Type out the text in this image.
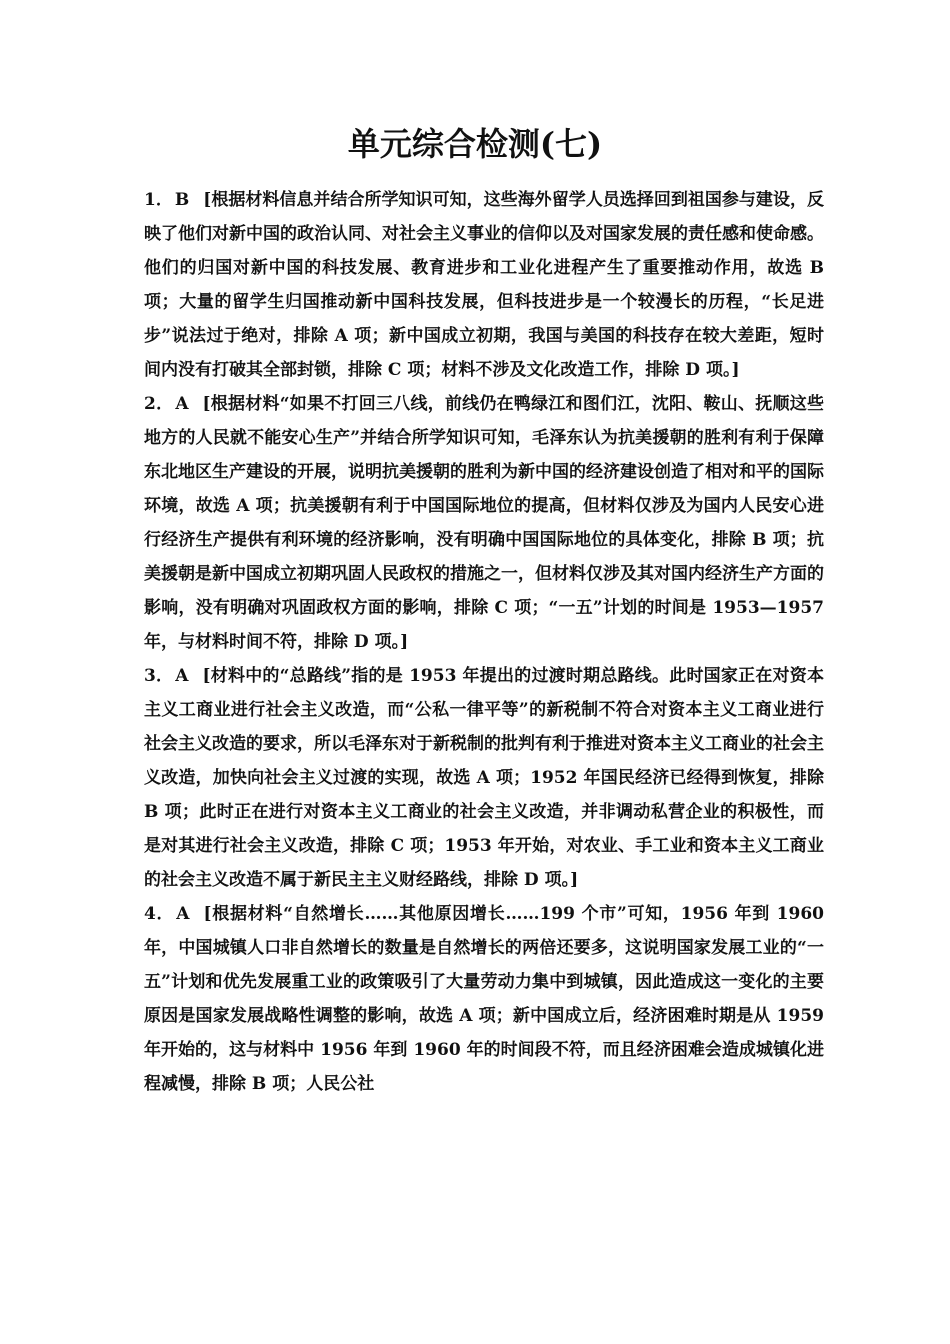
单元综合检测(七)

1． B [根据材料信息并结合所学知识可知，这些海外留学人员选择回到祖国参与建设，反映了他们对新中国的政治认同、对社会主义事业的信仰以及对国家发展的责任感和使命感。他们的归国对新中国的科技发展、教育进步和工业化进程产生了重要推动作用，故选 B 项；大量的留学生归国推动新中国科技发展，但科技进步是一个较漫长的历程，“长足进步”说法过于绝对，排除 A 项；新中国成立初期，我国与美国的科技存在较大差距，短时间内没有打破其全部封锁，排除 C 项；材料不涉及文化改造工作，排除 D 项。]

2． A [根据材料“如果不打回三八线，前线仍在鸭绿江和图们江，沈阳、鞍山、抚顺这些地方的人民就不能安心生产”并结合所学知识可知，毛泽东认为抗美援朝的胜利有利于保障东北地区生产建设的开展，说明抗美援朝的胜利为新中国的经济建设创造了相对和平的国际环境，故选 A 项；抗美援朝有利于中国国际地位的提高，但材料仅涉及为国内人民安心进行经济生产提供有利环境的经济影响，没有明确中国国际地位的具体变化，排除 B 项；抗美援朝是新中国成立初期巩固人民政权的措施之一，但材料仅涉及其对国内经济生产方面的影响，没有明确对巩固政权方面的影响，排除 C 项；“一五”计划的时间是 1953—1957 年，与材料时间不符，排除 D 项。]

3． A [材料中的“总路线”指的是 1953 年提出的过渡时期总路线。此时国家正在对资本主义工商业进行社会主义改造，而“公私一律平等”的新税制不符合对资本主义工商业进行社会主义改造的要求，所以毛泽东对于新税制的批判有利于推进对资本主义工商业的社会主义改造，加快向社会主义过渡的实现，故选 A 项；1952 年国民经济已经得到恢复，排除 B 项；此时正在进行对资本主义工商业的社会主义改造，并非调动私营企业的积极性，而是对其进行社会主义改造，排除 C 项；1953 年开始，对农业、手工业和资本主义工商业的社会主义改造不属于新民主主义财经路线，排除 D 项。]

4． A [根据材料“自然增长……其他原因增长……199 个市”可知，1956 年到 1960 年，中国城镇人口非自然增长的数量是自然增长的两倍还要多，这说明国家发展工业的“一五”计划和优先发展重工业的政策吸引了大量劳动力集中到城镇，因此造成这一变化的主要原因是国家发展战略性调整的影响，故选 A 项；新中国成立后，经济困难时期是从 1959 年开始的，这与材料中 1956 年到 1960 年的时间段不符，而且经济困难会造成城镇化进程减慢，排除 B 项；人民公社
